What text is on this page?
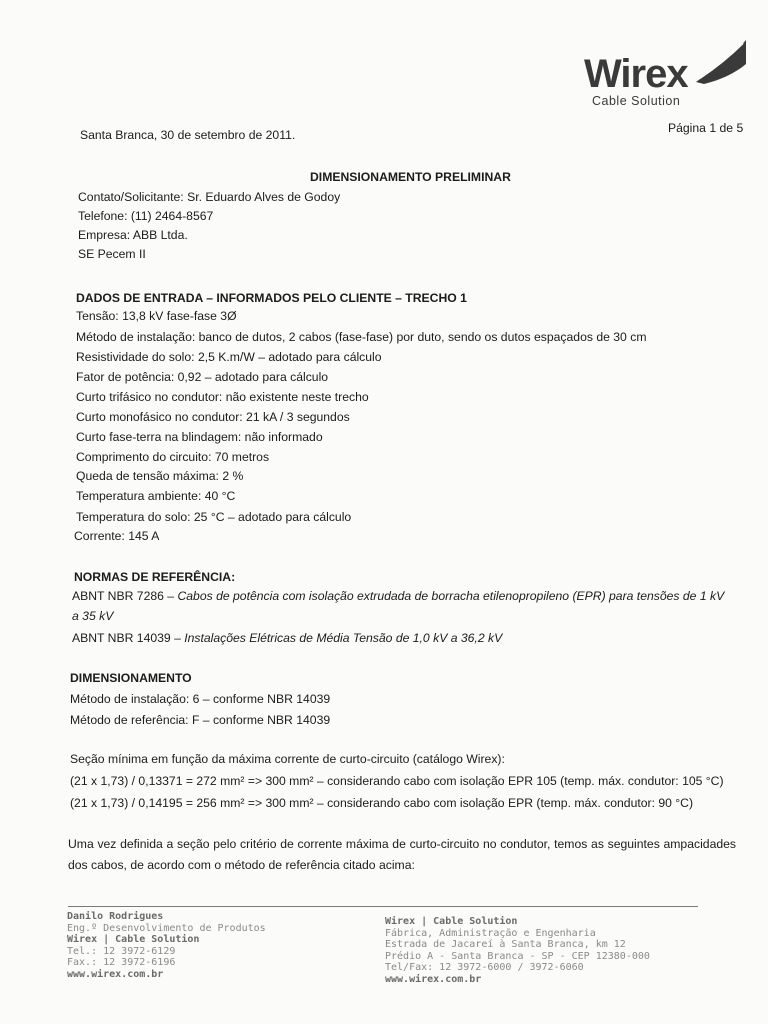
Wirex
Cable Solution
Santa Branca, 30 de setembro de 2011.	Página 1 de 5
DIMENSIONAMENTO PRELIMINAR
Contato/Solicitante: Sr. Eduardo Alves de Godoy
Telefone: (11) 2464-8567
Empresa: ABB Ltda.
SE Pecem II
DADOS DE ENTRADA – INFORMADOS PELO CLIENTE – TRECHO 1
Tensão: 13,8 kV fase-fase 3Ø
Método de instalação: banco de dutos, 2 cabos (fase-fase) por duto, sendo os dutos espaçados de 30 cm
Resistividade do solo: 2,5 K.m/W – adotado para cálculo
Fator de potência: 0,92 – adotado para cálculo
Curto trifásico no condutor: não existente neste trecho
Curto monofásico no condutor: 21 kA / 3 segundos
Curto fase-terra na blindagem: não informado
Comprimento do circuito: 70 metros
Queda de tensão máxima: 2 %
Temperatura ambiente: 40 °C
Temperatura do solo: 25 °C – adotado para cálculo
Corrente: 145 A
NORMAS DE REFERÊNCIA:
ABNT NBR 7286 – Cabos de potência com isolação extrudada de borracha etilenopropileno (EPR) para tensões de 1 kV
a 35 kV
ABNT NBR 14039 – Instalações Elétricas de Média Tensão de 1,0 kV a 36,2 kV
DIMENSIONAMENTO
Método de instalação: 6 – conforme NBR 14039
Método de referência: F – conforme NBR 14039
Seção mínima em função da máxima corrente de curto-circuito (catálogo Wirex):
(21 x 1,73) / 0,13371 = 272 mm² => 300 mm² – considerando cabo com isolação EPR 105 (temp. máx. condutor: 105 °C)
(21 x 1,73) / 0,14195 = 256 mm² => 300 mm² – considerando cabo com isolação EPR (temp. máx. condutor: 90 °C)
Uma vez definida a seção pelo critério de corrente máxima de curto-circuito no condutor, temos as seguintes ampacidades dos cabos, de acordo com o método de referência citado acima:
Danilo Rodrigues
Eng.º Desenvolvimento de Produtos
Wirex | Cable Solution
Tel.: 12 3972-6129
Fax.: 12 3972-6196
www.wirex.com.br
Wirex | Cable Solution
Fábrica, Administração e Engenharia
Estrada de Jacareí à Santa Branca, km 12
Prédio A - Santa Branca - SP - CEP 12380-000
Tel/Fax: 12 3972-6000 / 3972-6060
www.wirex.com.br
